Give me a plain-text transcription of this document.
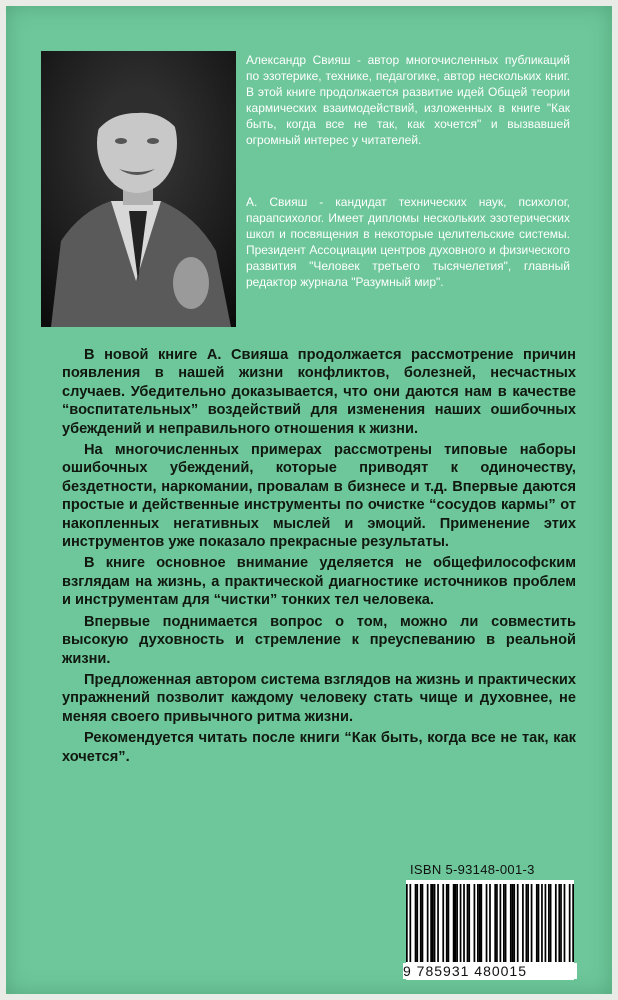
Александр Свияш - автор многочисленных публикаций по эзотерике, технике, педагогике, автор нескольких книг. В этой книге продолжается развитие идей Общей теории кармических взаимодействий, изложенных в книге "Как быть, когда все не так, как хочется" и вызвавшей огромный интерес у читателей.

А. Свияш - кандидат технических наук, психолог, парапсихолог. Имеет дипломы нескольких эзотерических школ и посвящения в некоторые целительские системы. Президент Ассоциации центров духовного и физического развития "Человек третьего тысячелетия", главный редактор журнала "Разумный мир".

В новой книге А. Свияша продолжается рассмотрение причин появления в нашей жизни конфликтов, болезней, несчастных случаев. Убедительно доказывается, что они даются нам в качестве “воспитательных” воздействий для изменения наших ошибочных убеждений и неправильного отношения к жизни.

На многочисленных примерах рассмотрены типовые наборы ошибочных убеждений, которые приводят к одиночеству, бездетности, наркомании, провалам в бизнесе и т.д. Впервые даются простые и действенные инструменты по очистке “сосудов кармы” от накопленных негативных мыслей и эмоций. Применение этих инструментов уже показало прекрасные результаты.

В книге основное внимание уделяется не общефилософским взглядам на жизнь, а практической диагностике источников проблем и инструментам для “чистки” тонких тел человека.

Впервые поднимается вопрос о том, можно ли совместить высокую духовность и стремление к преуспеванию в реальной жизни.

Предложенная автором система взглядов на жизнь и практических упражнений позволит каждому человеку стать чище и духовнее, не меняя своего привычного ритма жизни.

Рекомендуется читать после книги “Как быть, когда все не так, как хочется”.

ISBN 5-93148-001-3
9 785931 480015
